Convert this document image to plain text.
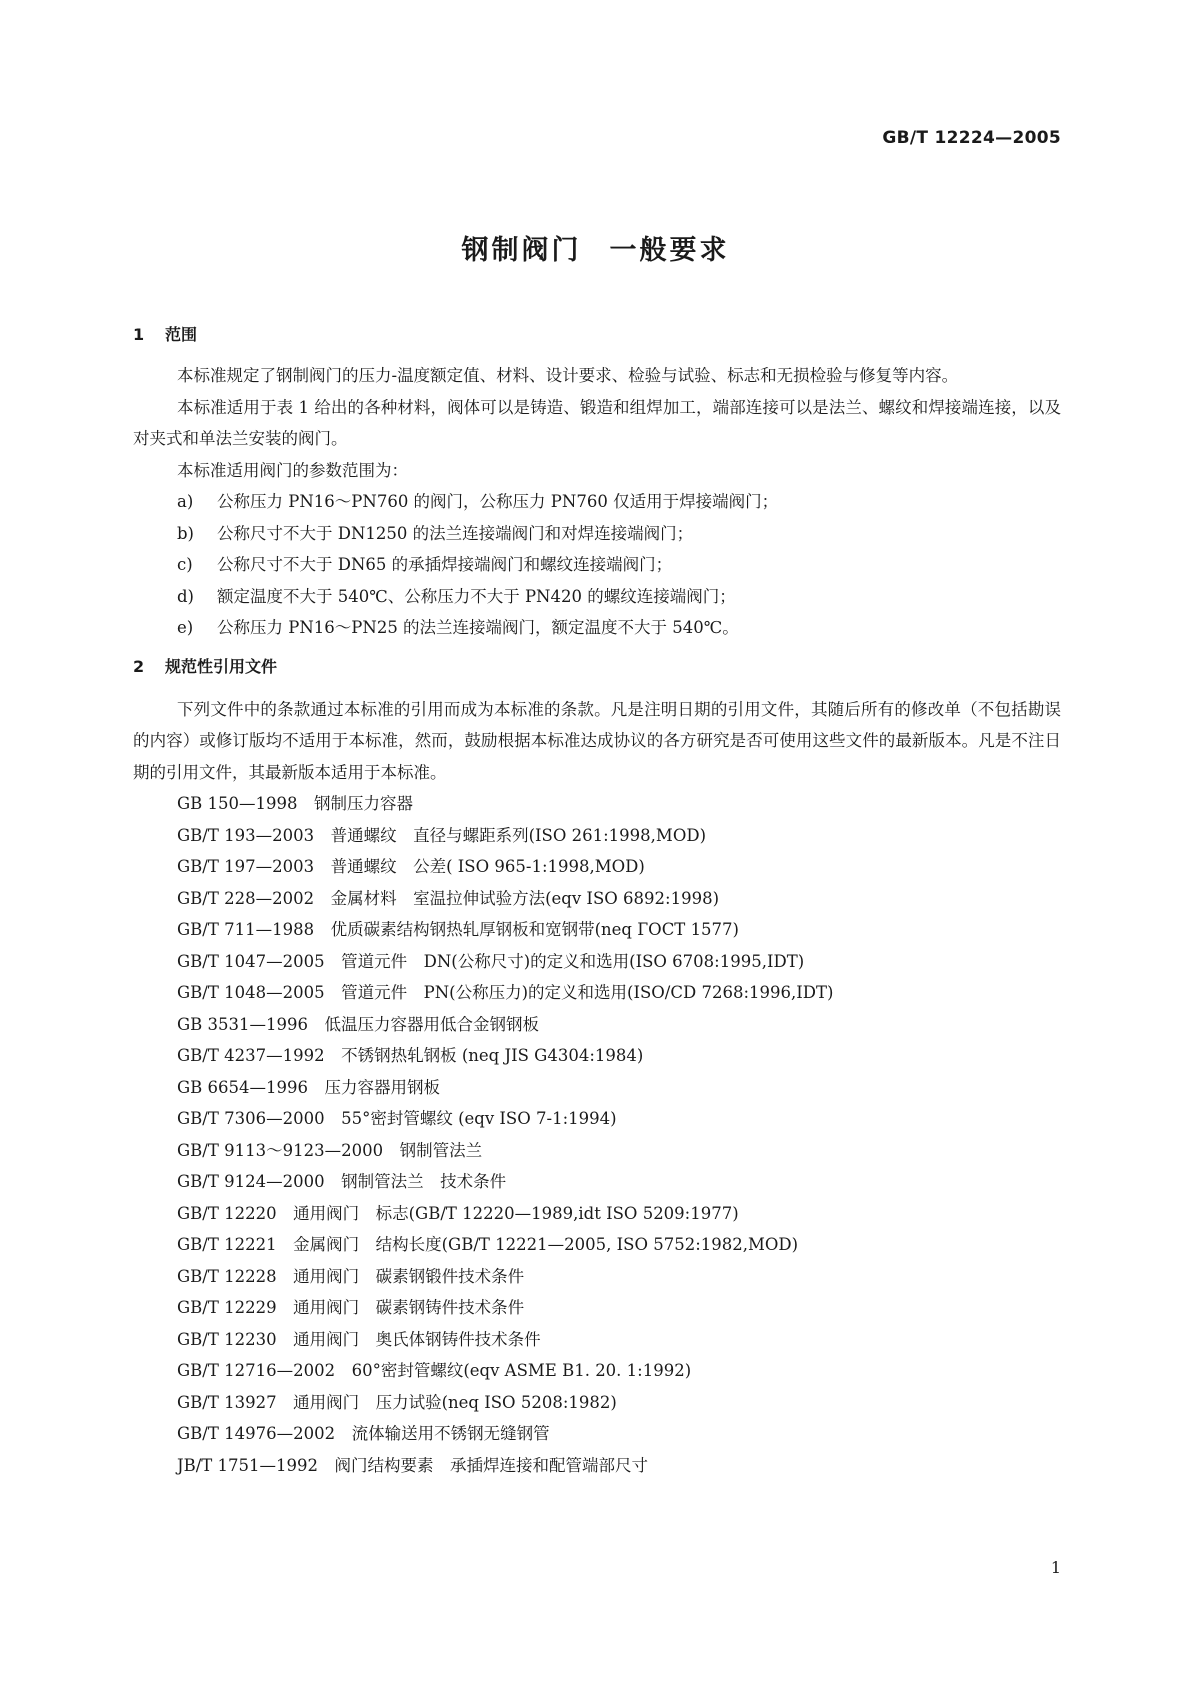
GB/T 12224—2005
钢制阀门 一般要求
1 范围

本标准规定了钢制阀门的压力-温度额定值、材料、设计要求、检验与试验、标志和无损检验与修复等内容。

本标准适用于表 1 给出的各种材料，阀体可以是铸造、锻造和组焊加工，端部连接可以是法兰、螺纹和焊接端连接，以及对夹式和单法兰安装的阀门。

本标准适用阀门的参数范围为：

a) 公称压力 PN16～PN760 的阀门，公称压力 PN760 仅适用于焊接端阀门；

b) 公称尺寸不大于 DN1250 的法兰连接端阀门和对焊连接端阀门；

c) 公称尺寸不大于 DN65 的承插焊接端阀门和螺纹连接端阀门；

d) 额定温度不大于 540℃、公称压力不大于 PN420 的螺纹连接端阀门；

e) 公称压力 PN16～PN25 的法兰连接端阀门，额定温度不大于 540℃。

2 规范性引用文件

下列文件中的条款通过本标准的引用而成为本标准的条款。凡是注明日期的引用文件，其随后所有的修改单（不包括勘误的内容）或修订版均不适用于本标准，然而，鼓励根据本标准达成协议的各方研究是否可使用这些文件的最新版本。凡是不注日期的引用文件，其最新版本适用于本标准。

GB 150—1998　钢制压力容器
GB/T 193—2003　普通螺纹　直径与螺距系列(ISO 261:1998,MOD)
GB/T 197—2003　普通螺纹　公差( ISO 965-1:1998,MOD)
GB/T 228—2002　金属材料　室温拉伸试验方法(eqv ISO 6892:1998)
GB/T 711—1988　优质碳素结构钢热轧厚钢板和宽钢带(neq ГОСТ 1577)
GB/T 1047—2005　管道元件　DN(公称尺寸)的定义和选用(ISO 6708:1995,IDT)
GB/T 1048—2005　管道元件　PN(公称压力)的定义和选用(ISO/CD 7268:1996,IDT)
GB 3531—1996　低温压力容器用低合金钢钢板
GB/T 4237—1992　不锈钢热轧钢板 (neq JIS G4304:1984)
GB 6654—1996　压力容器用钢板
GB/T 7306—2000　55°密封管螺纹 (eqv ISO 7-1:1994)
GB/T 9113～9123—2000　钢制管法兰
GB/T 9124—2000　钢制管法兰　技术条件
GB/T 12220　通用阀门　标志(GB/T 12220—1989,idt ISO 5209:1977)
GB/T 12221　金属阀门　结构长度(GB/T 12221—2005, ISO 5752:1982,MOD)
GB/T 12228　通用阀门　碳素钢锻件技术条件
GB/T 12229　通用阀门　碳素钢铸件技术条件
GB/T 12230　通用阀门　奥氏体钢铸件技术条件
GB/T 12716—2002　60°密封管螺纹(eqv ASME B1. 20. 1:1992)
GB/T 13927　通用阀门　压力试验(neq ISO 5208:1982)
GB/T 14976—2002　流体输送用不锈钢无缝钢管
JB/T 1751—1992　阀门结构要素　承插焊连接和配管端部尺寸
1
